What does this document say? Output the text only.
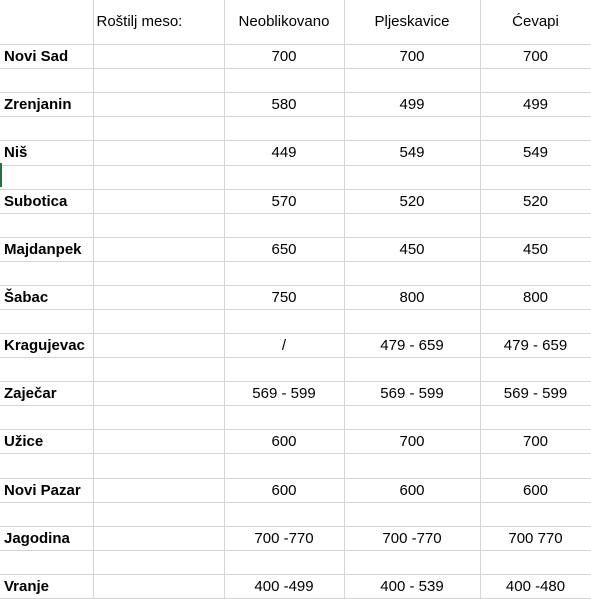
	Roštilj meso:	Neoblikovano	Pljeskavice	Ćevapi
Novi Sad		700	700	700

Zrenjanin		580	499	499

Niš		449	549	549

Subotica		570	520	520

Majdanpek		650	450	450

Šabac		750	800	800

Kragujevac		/	479 - 659	479 - 659

Zaječar		569 - 599	569 - 599	569 - 599

Užice		600	700	700

Novi Pazar		600	600	600

Jagodina		700 -770	700 -770	700 770

Vranje		400 -499	400 - 539	400 -480
